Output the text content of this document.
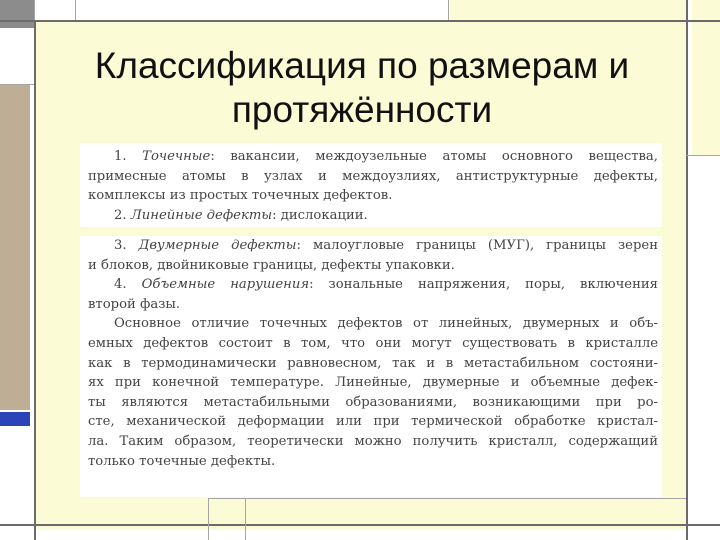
Классификация по размерам и
протяжённости

1. Точечные: вакансии, междоузельные атомы основного вещества,

примесные атомы в узлах и междоузлиях, антиструктурные дефекты,

комплексы из простых точечных дефектов.

2. Линейные дефекты: дислокации.

3. Двумерные дефекты: малоугловые границы (МУГ), границы зерен

и блоков, двойниковые границы, дефекты упаковки.

4. Объемные нарушения: зональные напряжения, поры, включения

второй фазы.

Основное отличие точечных дефектов от линейных, двумерных и объ-

емных дефектов состоит в том, что они могут существовать в кристалле

как в термодинамически равновесном, так и в метастабильном состояни-

ях при конечной температуре. Линейные, двумерные и объемные дефек-

ты являются метастабильными образованиями, возникающими при ро-

сте, механической деформации или при термической обработке кристал-

ла. Таким образом, теоретически можно получить кристалл, содержащий

только точечные дефекты.
